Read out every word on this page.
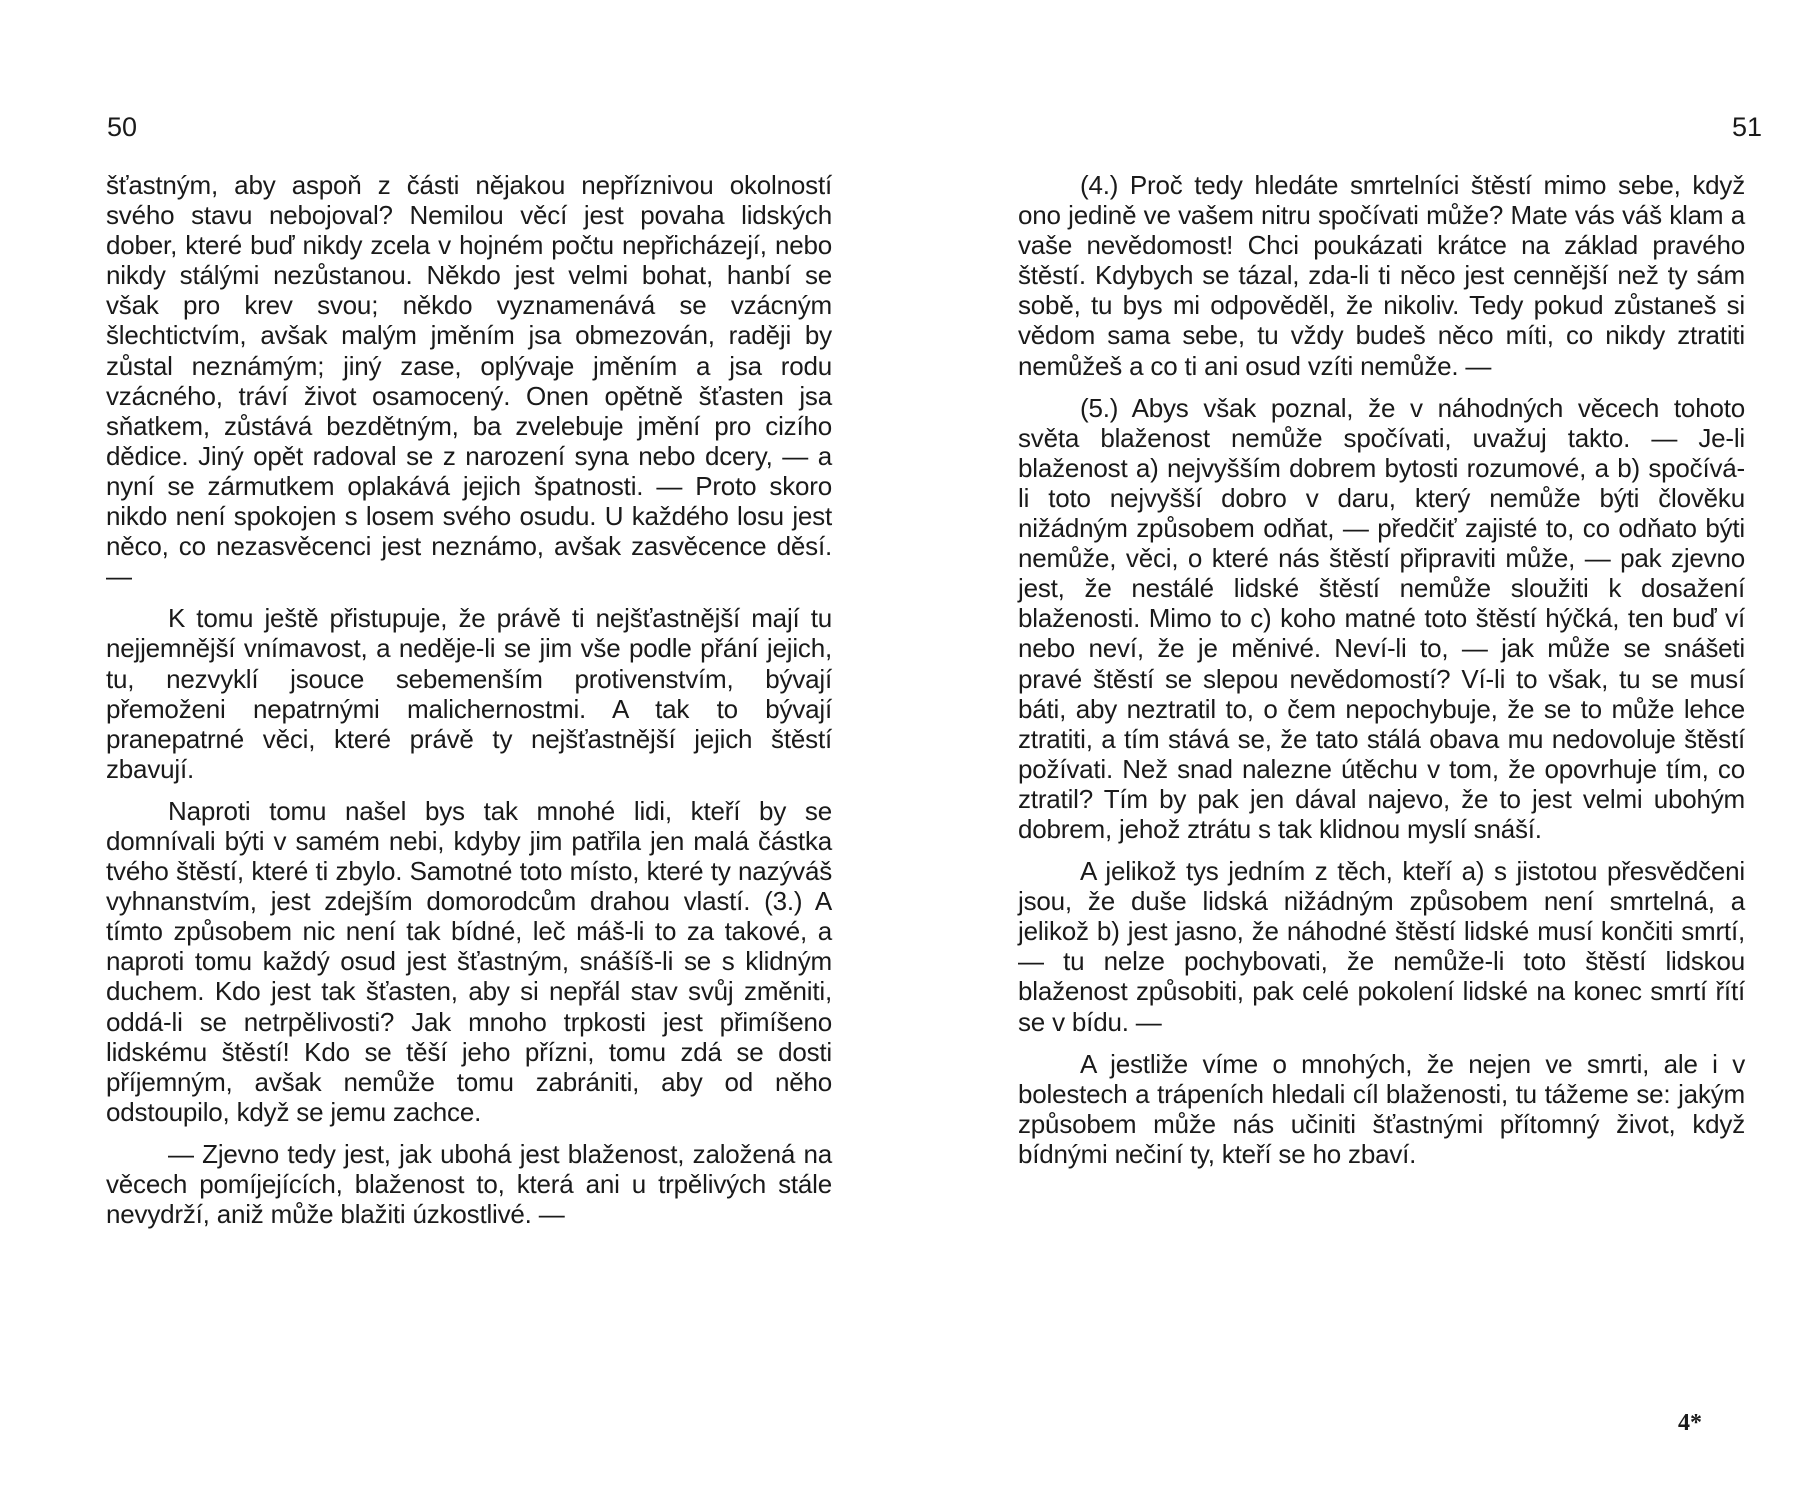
50

šťastným, aby aspoň z části nějakou nepříznivou okolností svého stavu nebojoval? Nemilou věcí jest povaha lidských dober, které buď nikdy zcela v hojném počtu nepřicházejí, nebo nikdy stálými nezůstanou. Někdo jest velmi bohat, hanbí se však pro krev svou; někdo vyznamenává se vzácným šlechtictvím, avšak malým jměním jsa obmezován, raději by zůstal neznámým; jiný zase, oplývaje jměním a jsa rodu vzácného, tráví život osamocený. Onen opětně šťasten jsa sňatkem, zůstává bezdětným, ba zvelebuje jmění pro cizího dědice. Jiný opět radoval se z narození syna nebo dcery, — a nyní se zármutkem oplakává jejich špatnosti. — Proto skoro nikdo není spokojen s losem svého osudu. U každého losu jest něco, co nezasvěcenci jest neznámo, avšak zasvěcence děsí. —

K tomu ještě přistupuje, že právě ti nejšťastnější mají tu nejjemnější vnímavost, a neděje-li se jim vše podle přání jejich, tu, nezvyklí jsouce sebemenším protivenstvím, bývají přemoženi nepatrnými malichernostmi. A tak to bývají pranepatrné věci, které právě ty nejšťastnější jejich štěstí zbavují.

Naproti tomu našel bys tak mnohé lidi, kteří by se domnívali býti v samém nebi, kdyby jim patřila jen malá částka tvého štěstí, které ti zbylo. Samotné toto místo, které ty nazýváš vyhnanstvím, jest zdejším domorodcům drahou vlastí. (3.) A tímto způsobem nic není tak bídné, leč máš-li to za takové, a naproti tomu každý osud jest šťastným, snášíš-li se s klidným duchem. Kdo jest tak šťasten, aby si nepřál stav svůj změniti, oddá-li se netrpělivosti? Jak mnoho trpkosti jest přimíšeno lidskému štěstí! Kdo se těší jeho přízni, tomu zdá se dosti příjemným, avšak nemůže tomu zabrániti, aby od něho odstoupilo, když se jemu zachce.

— Zjevno tedy jest, jak ubohá jest blaženost, založená na věcech pomíjejících, blaženost to, která ani u trpělivých stále nevydrží, aniž může blažiti úzkostlivé. —

51

(4.) Proč tedy hledáte smrtelníci štěstí mimo sebe, když ono jedině ve vašem nitru spočívati může? Mate vás váš klam a vaše nevědomost! Chci poukázati krátce na základ pravého štěstí. Kdybych se tázal, zda-li ti něco jest cennější než ty sám sobě, tu bys mi odpověděl, že nikoliv. Tedy pokud zůstaneš si vědom sama sebe, tu vždy budeš něco míti, co nikdy ztratiti nemůžeš a co ti ani osud vzíti nemůže. —

(5.) Abys však poznal, že v náhodných věcech tohoto světa blaženost nemůže spočívati, uvažuj takto. — Je-li blaženost a) nejvyšším dobrem bytosti rozumové, a b) spočívá-li toto nejvyšší dobro v daru, který nemůže býti člověku nižádným způsobem odňat, — předčiť zajisté to, co odňato býti nemůže, věci, o které nás štěstí připraviti může, — pak zjevno jest, že nestálé lidské štěstí nemůže sloužiti k dosažení blaženosti. Mimo to c) koho matné toto štěstí hýčká, ten buď ví nebo neví, že je měnivé. Neví-li to, — jak může se snášeti pravé štěstí se slepou nevědomostí? Ví-li to však, tu se musí báti, aby neztratil to, o čem nepochybuje, že se to může lehce ztratiti, a tím stává se, že tato stálá obava mu nedovoluje štěstí požívati. Než snad nalezne útěchu v tom, že opovrhuje tím, co ztratil? Tím by pak jen dával najevo, že to jest velmi ubohým dobrem, jehož ztrátu s tak klidnou myslí snáší.

A jelikož tys jedním z těch, kteří a) s jistotou přesvědčeni jsou, že duše lidská nižádným způsobem není smrtelná, a jelikož b) jest jasno, že náhodné štěstí lidské musí končiti smrtí, — tu nelze pochybovati, že nemůže-li toto štěstí lidskou blaženost způsobiti, pak celé pokolení lidské na konec smrtí řítí se v bídu. —

A jestliže víme o mnohých, že nejen ve smrti, ale i v bolestech a trápeních hledali cíl blaženosti, tu tážeme se: jakým způsobem může nás učiniti šťastnými přítomný život, když bídnými nečiní ty, kteří se ho zbaví.

4*
